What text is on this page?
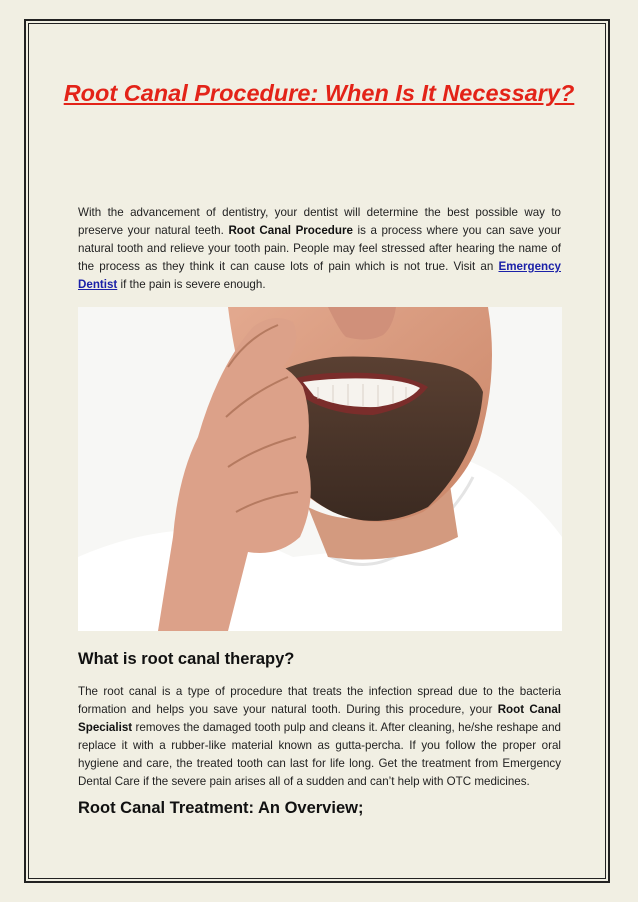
Root Canal Procedure: When Is It Necessary?

With the advancement of dentistry, your dentist will determine the best possible way to preserve your natural teeth. Root Canal Procedure is a process where you can save your natural tooth and relieve your tooth pain. People may feel stressed after hearing the name of the process as they think it can cause lots of pain which is not true. Visit an Emergency Dentist if the pain is severe enough.

What is root canal therapy?

The root canal is a type of procedure that treats the infection spread due to the bacteria formation and helps you save your natural tooth. During this procedure, your Root Canal Specialist removes the damaged tooth pulp and cleans it. After cleaning, he/she reshape and replace it with a rubber-like material known as gutta-percha. If you follow the proper oral hygiene and care, the treated tooth can last for life long. Get the treatment from Emergency Dental Care if the severe pain arises all of a sudden and can’t help with OTC medicines.

Root Canal Treatment: An Overview;
